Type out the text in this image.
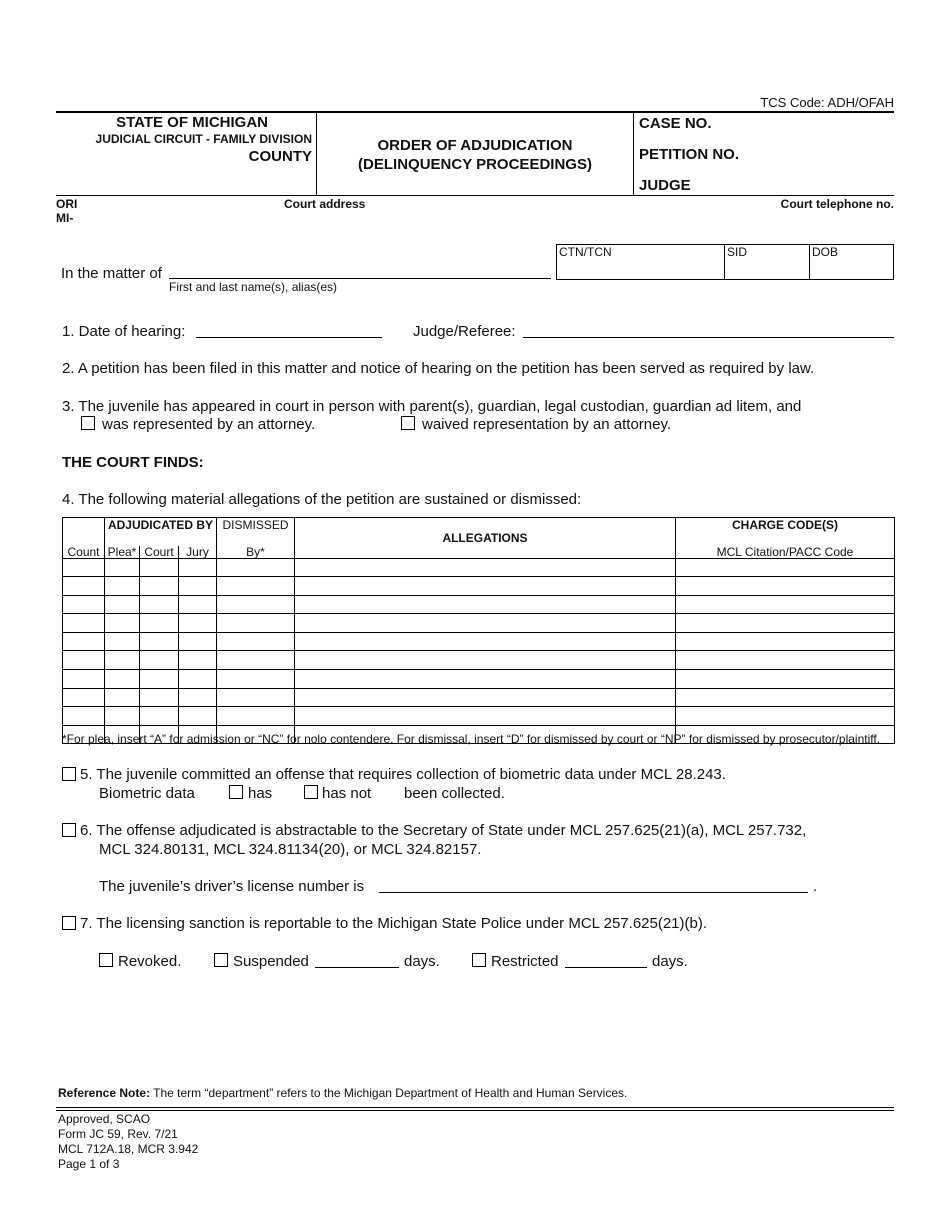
TCS Code: ADH/OFAH
STATE OF MICHIGAN
JUDICIAL CIRCUIT - FAMILY DIVISION
COUNTY
ORDER OF ADJUDICATION
(DELINQUENCY PROCEEDINGS)
CASE NO.
PETITION NO.
JUDGE
ORI
MI-
Court address	Court telephone no.
In the matter of
First and last name(s), alias(es)
CTN/TCN	SID	DOB
1. Date of hearing:	Judge/Referee:
2. A petition has been filed in this matter and notice of hearing on the petition has been served as required by law.
3. The juvenile has appeared in court in person with parent(s), guardian, legal custodian, guardian ad litem, and
was represented by an attorney.	waived representation by an attorney.
THE COURT FINDS:
4. The following material allegations of the petition are sustained or dismissed:
Count	ADJUDICATED BY			DISMISSED	ALLEGATIONS	CHARGE CODE(S)
	Plea*	Court	Jury	By*		MCL Citation/PACC Code

*For plea, insert “A” for admission or “NC” for nolo contendere. For dismissal, insert “D” for dismissed by court or “NP” for dismissed by prosecutor/plaintiff.
5. The juvenile committed an offense that requires collection of biometric data under MCL 28.243.
Biometric data	has	has not been collected.
6. The offense adjudicated is abstractable to the Secretary of State under MCL 257.625(21)(a), MCL 257.732,
MCL 324.80131, MCL 324.81134(20), or MCL 324.82157.
The juvenile’s driver’s license number is	.
7. The licensing sanction is reportable to the Michigan State Police under MCL 257.625(21)(b).
Revoked.	Suspended	days.	Restricted	days.
Reference Note: The term “department” refers to the Michigan Department of Health and Human Services.
Approved, SCAO
Form JC 59, Rev. 7/21
MCL 712A.18, MCR 3.942
Page 1 of 3
